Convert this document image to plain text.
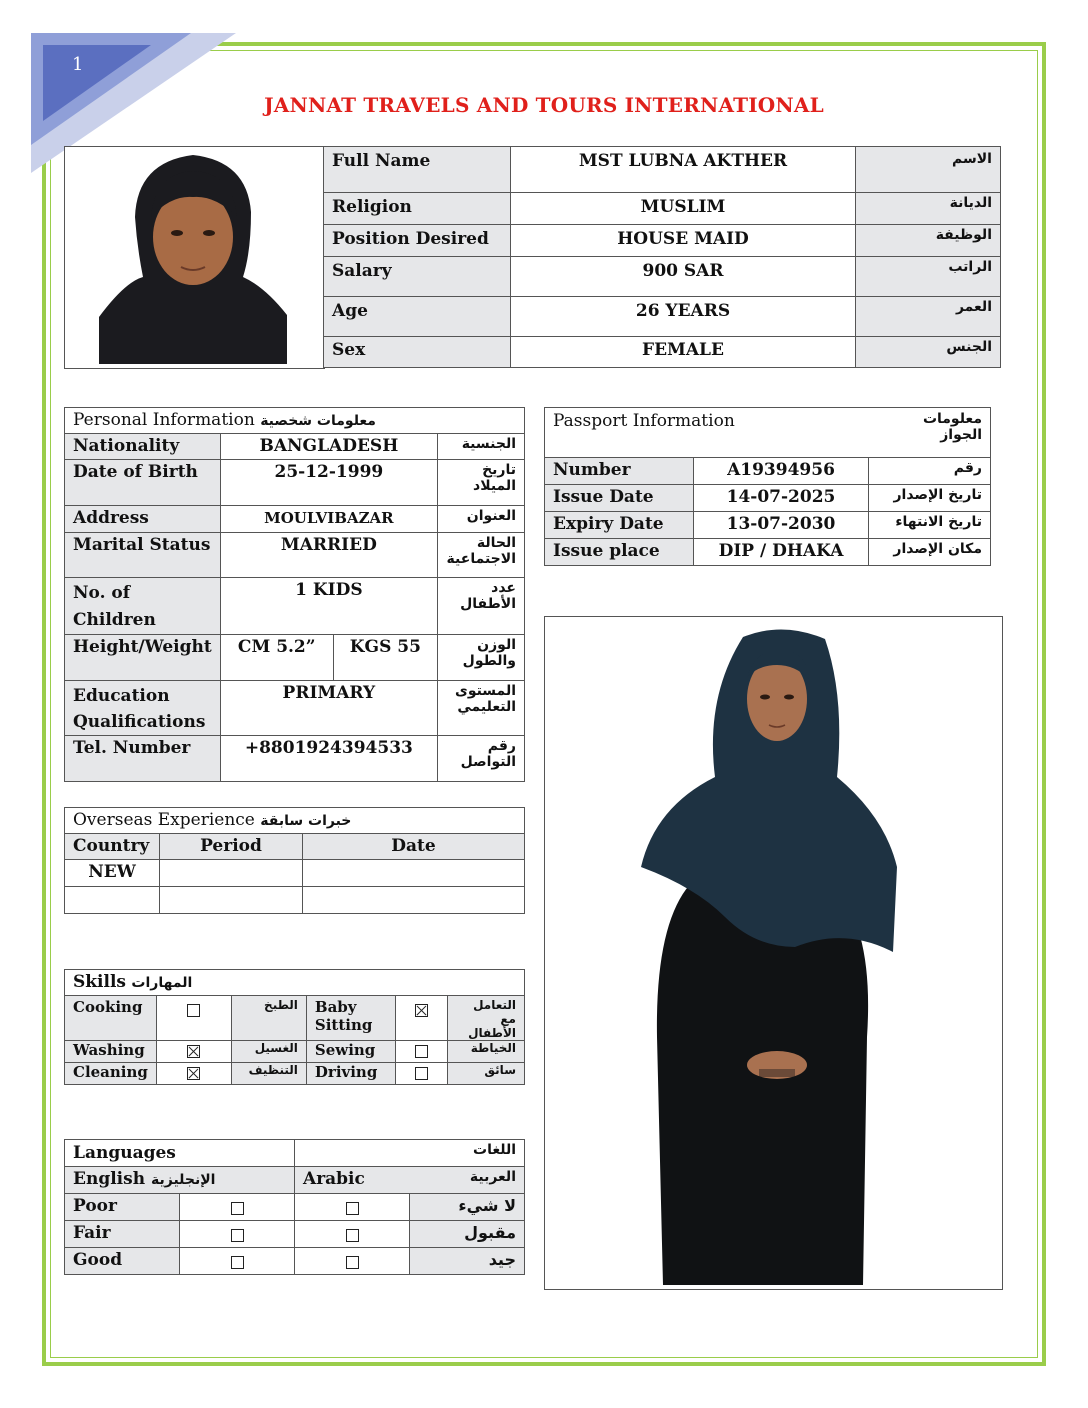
1
JANNAT TRAVELS AND TOURS INTERNATIONAL
Full Name	MST LUBNA AKTHER	الاسم
Religion	MUSLIM	الديانة
Position Desired	HOUSE MAID	الوظيفة
Salary	900 SAR	الراتب
Age	26 YEARS	العمر
Sex	FEMALE	الجنس
Personal Information معلومات شخصية			
Nationality	BANGLADESH		الجنسية
Date of Birth	25-12-1999		تاريخ الميلاد
Address	MOULVIBAZAR		العنوان
Marital Status	MARRIED		الحالة الاجتماعية
No. of Children	1 KIDS		عدد الأطفال
Height/Weight	CM 5.2”	KGS 55	الوزن والطول
Education Qualifications	PRIMARY		المستوى التعليمي
Tel. Number	+8801924394533		رقم التواصل
Passport Information		معلومات الجواز
Number	A19394956	رقم
Issue Date	14-07-2025	تاريخ الإصدار
Expiry Date	13-07-2030	تاريخ الانتهاء
Issue place	DIP / DHAKA	مكان الإصدار
Overseas Experience خبرات سابقة		
Country	Period	Date
NEW		

Skills المهارات					
Cooking		الطبخ	Baby Sitting		التعامل مع الأطفال
Washing		الغسيل	Sewing		الخياطة
Cleaning		التنظيف	Driving		سائق
Languages		اللغات	
English الإنجليزية		Arabic العربية	

Poor			لا شيء
Fair			مقبول
Good			جيد
